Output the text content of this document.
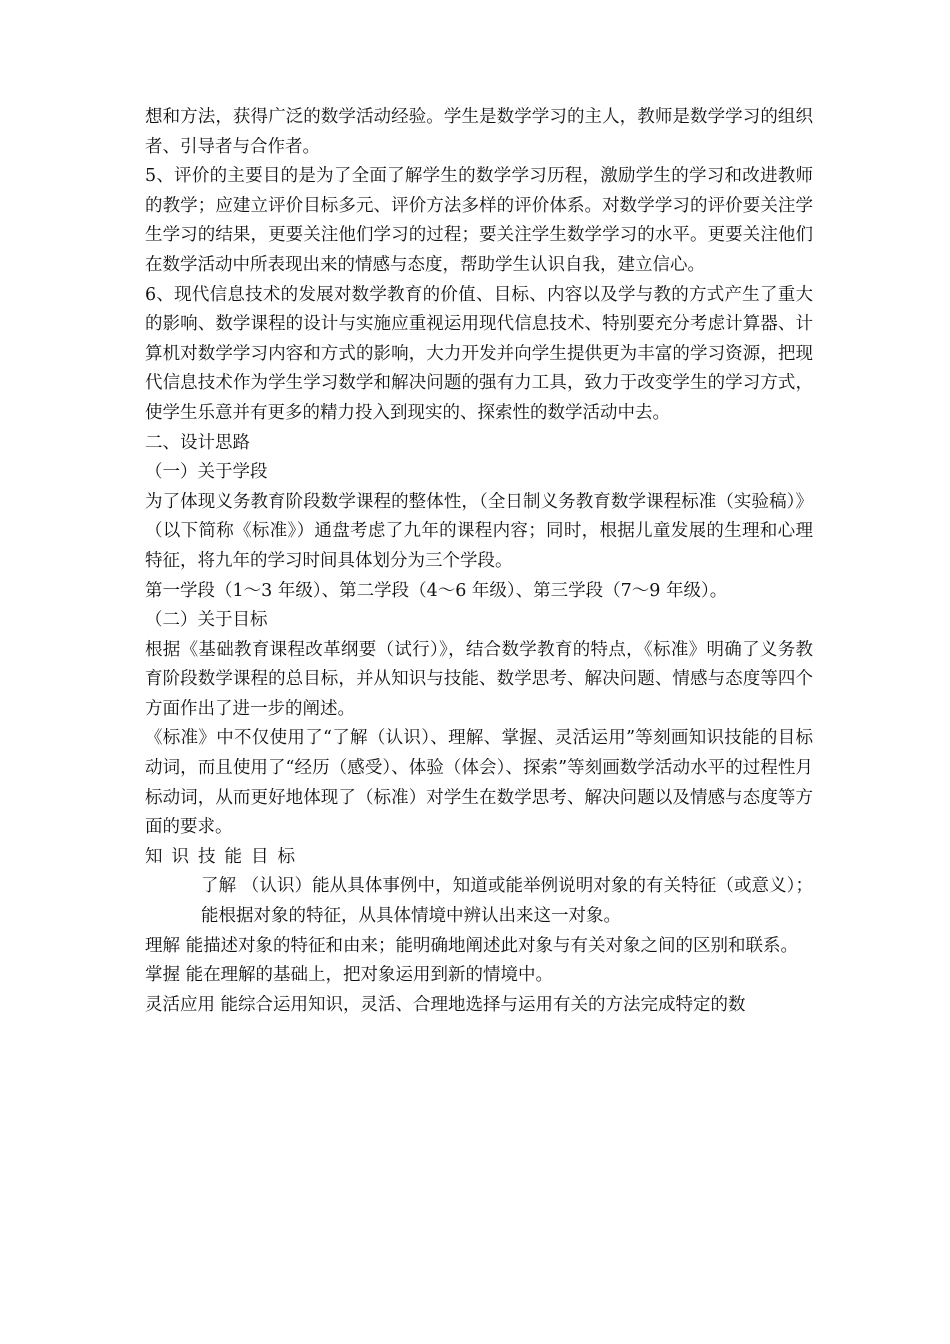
想和方法，获得广泛的数学活动经验。学生是数学学习的主人，教师是数学学习的组织者、引导者与合作者。

5、评价的主要目的是为了全面了解学生的数学学习历程，激励学生的学习和改进教师的教学；应建立评价目标多元、评价方法多样的评价体系。对数学学习的评价要关注学生学习的结果，更要关注他们学习的过程；要关注学生数学学习的水平。更要关注他们在数学活动中所表现出来的情感与态度，帮助学生认识自我，建立信心。

6、现代信息技术的发展对数学教育的价值、目标、内容以及学与教的方式产生了重大的影响、数学课程的设计与实施应重视运用现代信息技术、特别要充分考虑计算器、计算机对数学学习内容和方式的影响，大力开发并向学生提供更为丰富的学习资源，把现代信息技术作为学生学习数学和解决问题的强有力工具，致力于改变学生的学习方式，使学生乐意并有更多的精力投入到现实的、探索性的数学活动中去。

二、设计思路

（一）关于学段

为了体现义务教育阶段数学课程的整体性，（全日制义务教育数学课程标准（实验稿）》（以下简称《标准》）通盘考虑了九年的课程内容；同时，根据儿童发展的生理和心理特征，将九年的学习时间具体划分为三个学段。

第一学段（1～3 年级）、第二学段（4～6 年级）、第三学段（7～9 年级）。

（二）关于目标

根据《基础教育课程改革纲要（试行）》，结合数学教育的特点，《标准》明确了义务教育阶段数学课程的总目标，并从知识与技能、数学思考、解决问题、情感与态度等四个方面作出了进一步的阐述。

《标准》中不仅使用了“了解（认识）、理解、掌握、灵活运用”等刻画知识技能的目标动词，而且使用了“经历（感受）、体验（体会）、探索”等刻画数学活动水平的过程性月标动词，从而更好地体现了（标准）对学生在数学思考、解决问题以及情感与态度等方面的要求。

知识技能目标

了解 （认识）能从具体事例中，知道或能举例说明对象的有关特征（或意义）；能根据对象的特征，从具体情境中辨认出来这一对象。

理解 能描述对象的特征和由来；能明确地阐述此对象与有关对象之间的区别和联系。

掌握 能在理解的基础上，把对象运用到新的情境中。

灵活应用 能综合运用知识，灵活、合理地选择与运用有关的方法完成特定的数
